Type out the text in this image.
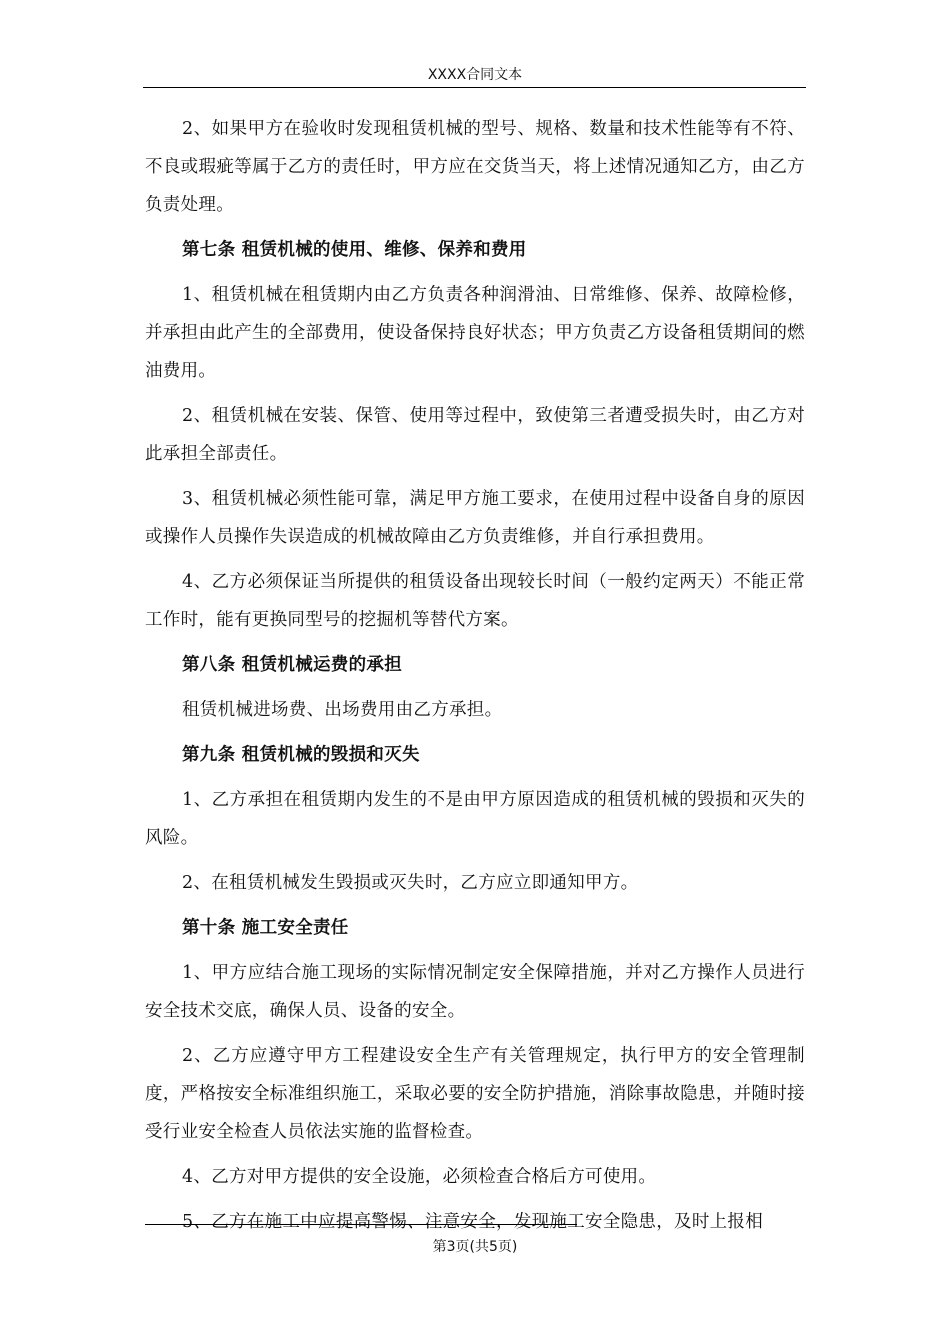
XXXX合同文本

2、如果甲方在验收时发现租赁机械的型号、规格、数量和技术性能等有不符、不良或瑕疵等属于乙方的责任时，甲方应在交货当天，将上述情况通知乙方，由乙方负责处理。

第七条 租赁机械的使用、维修、保养和费用

1、租赁机械在租赁期内由乙方负责各种润滑油、日常维修、保养、故障检修，并承担由此产生的全部费用，使设备保持良好状态；甲方负责乙方设备租赁期间的燃油费用。

2、租赁机械在安装、保管、使用等过程中，致使第三者遭受损失时，由乙方对此承担全部责任。

3、租赁机械必须性能可靠，满足甲方施工要求，在使用过程中设备自身的原因或操作人员操作失误造成的机械故障由乙方负责维修，并自行承担费用。

4、乙方必须保证当所提供的租赁设备出现较长时间（一般约定两天）不能正常工作时，能有更换同型号的挖掘机等替代方案。

第八条 租赁机械运费的承担

租赁机械进场费、出场费用由乙方承担。

第九条 租赁机械的毁损和灭失

1、乙方承担在租赁期内发生的不是由甲方原因造成的租赁机械的毁损和灭失的风险。

2、在租赁机械发生毁损或灭失时，乙方应立即通知甲方。

第十条 施工安全责任

1、甲方应结合施工现场的实际情况制定安全保障措施，并对乙方操作人员进行安全技术交底，确保人员、设备的安全。

2、乙方应遵守甲方工程建设安全生产有关管理规定，执行甲方的安全管理制度，严格按安全标准组织施工，采取必要的安全防护措施，消除事故隐患，并随时接受行业安全检查人员依法实施的监督检查。

4、乙方对甲方提供的安全设施，必须检查合格后方可使用。

5、乙方在施工中应提高警惕、注意安全，发现施工安全隐患，及时上报相

第3页(共5页)
